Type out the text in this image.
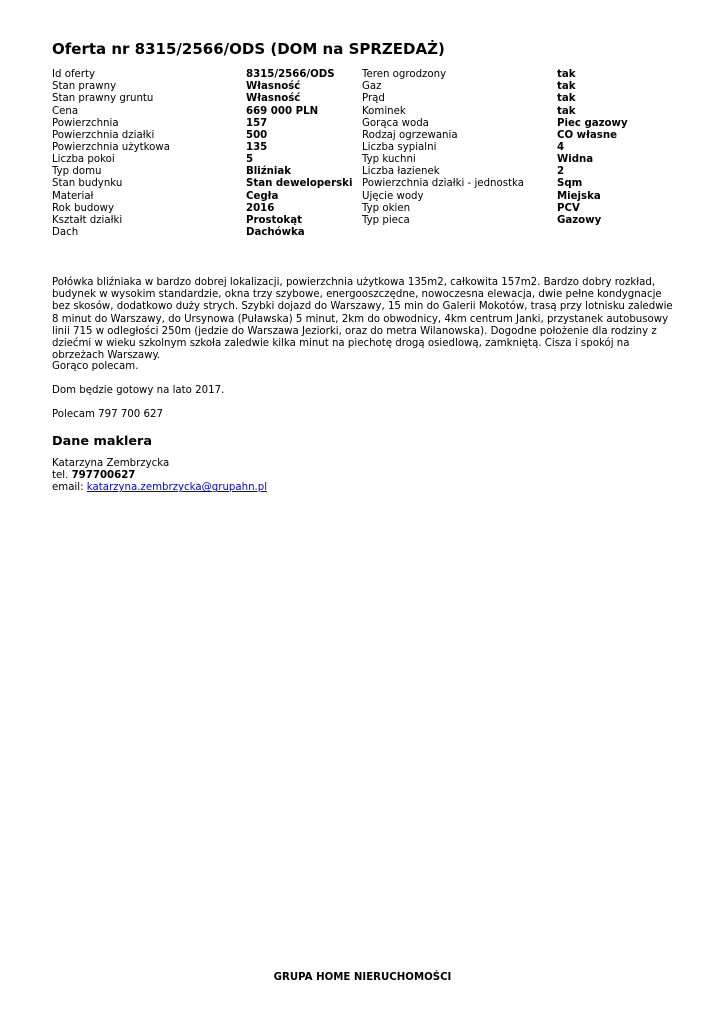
Oferta nr 8315/2566/ODS (DOM na SPRZEDAŻ)
Id oferty	8315/2566/ODS	Teren ogrodzony	tak
Stan prawny	Własność	Gaz	tak
Stan prawny gruntu	Własność	Prąd	tak
Cena	669 000 PLN	Kominek	tak
Powierzchnia	157	Gorąca woda	Piec gazowy
Powierzchnia działki	500	Rodzaj ogrzewania	CO własne
Powierzchnia użytkowa	135	Liczba sypialni	4
Liczba pokoi	5	Typ kuchni	Widna
Typ domu	Bliźniak	Liczba łazienek	2
Stan budynku	Stan deweloperski	Powierzchnia działki - jednostka	Sqm
Materiał	Cegła	Ujęcie wody	Miejska
Rok budowy	2016	Typ okien	PCV
Kształt działki	Prostokąt	Typ pieca	Gazowy
Dach	Dachówka		

Połówka bliźniaka w bardzo dobrej lokalizacji, powierzchnia użytkowa 135m2, całkowita 157m2. Bardzo dobry rozkład, budynek w wysokim standardzie, okna trzy szybowe, energooszczędne, nowoczesna elewacja, dwie pełne kondygnacje bez skosów, dodatkowo duży strych. Szybki dojazd do Warszawy, 15 min do Galerii Mokotów, trasą przy lotnisku zaledwie 8 minut do Warszawy, do Ursynowa (Puławska) 5 minut, 2km do obwodnicy, 4km centrum Janki, przystanek autobusowy linii 715 w odległości 250m (jedzie do Warszawa Jeziorki, oraz do metra Wilanowska). Dogodne położenie dla rodziny z dziećmi w wieku szkolnym szkoła zaledwie kilka minut na piechotę drogą osiedlową, zamkniętą. Cisza i spokój na obrzeżach Warszawy.

Gorąco polecam.

Dom będzie gotowy na lato 2017.

Polecam 797 700 627

Dane maklera
Katarzyna Zembrzycka
tel. 797700627
email: katarzyna.zembrzycka@grupahn.pl
GRUPA HOME NIERUCHOMOŚCI
